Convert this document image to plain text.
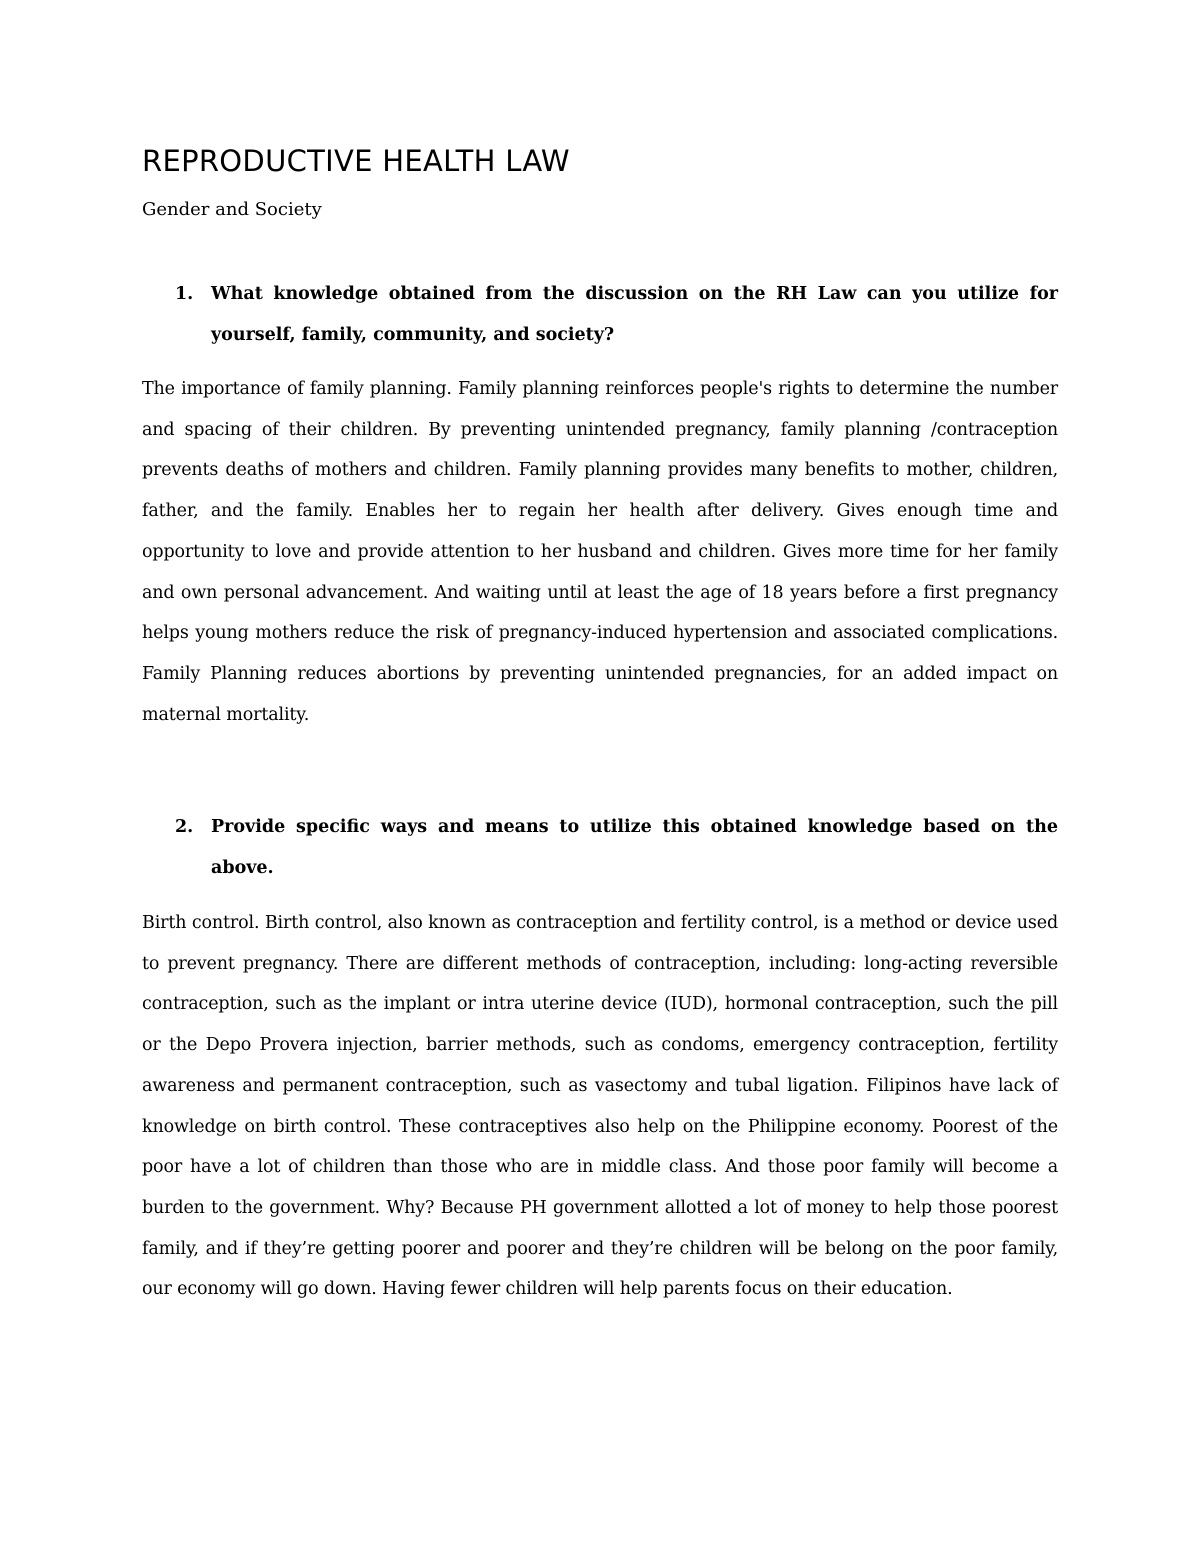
REPRODUCTIVE HEALTH LAW
Gender and Society
1. What knowledge obtained from the discussion on the RH Law can you utilize for yourself, family, community, and society?

The importance of family planning. Family planning reinforces people's rights to determine the number and spacing of their children. By preventing unintended pregnancy, family planning /contraception prevents deaths of mothers and children. Family planning provides many benefits to mother, children, father, and the family. Enables her to regain her health after delivery. Gives enough time and opportunity to love and provide attention to her husband and children. Gives more time for her family and own personal advancement. And waiting until at least the age of 18 years before a first pregnancy helps young mothers reduce the risk of pregnancy-induced hypertension and associated complications. Family Planning reduces abortions by preventing unintended pregnancies, for an added impact on maternal mortality.

2. Provide specific ways and means to utilize this obtained knowledge based on the above.

Birth control. Birth control, also known as contraception and fertility control, is a method or device used to prevent pregnancy. There are different methods of contraception, including: long-acting reversible contraception, such as the implant or intra uterine device (IUD), hormonal contraception, such the pill or the Depo Provera injection, barrier methods, such as condoms, emergency contraception, fertility awareness and permanent contraception, such as vasectomy and tubal ligation. Filipinos have lack of knowledge on birth control. These contraceptives also help on the Philippine economy. Poorest of the poor have a lot of children than those who are in middle class. And those poor family will become a burden to the government. Why? Because PH government allotted a lot of money to help those poorest family, and if they’re getting poorer and poorer and they’re children will be belong on the poor family, our economy will go down. Having fewer children will help parents focus on their education.
